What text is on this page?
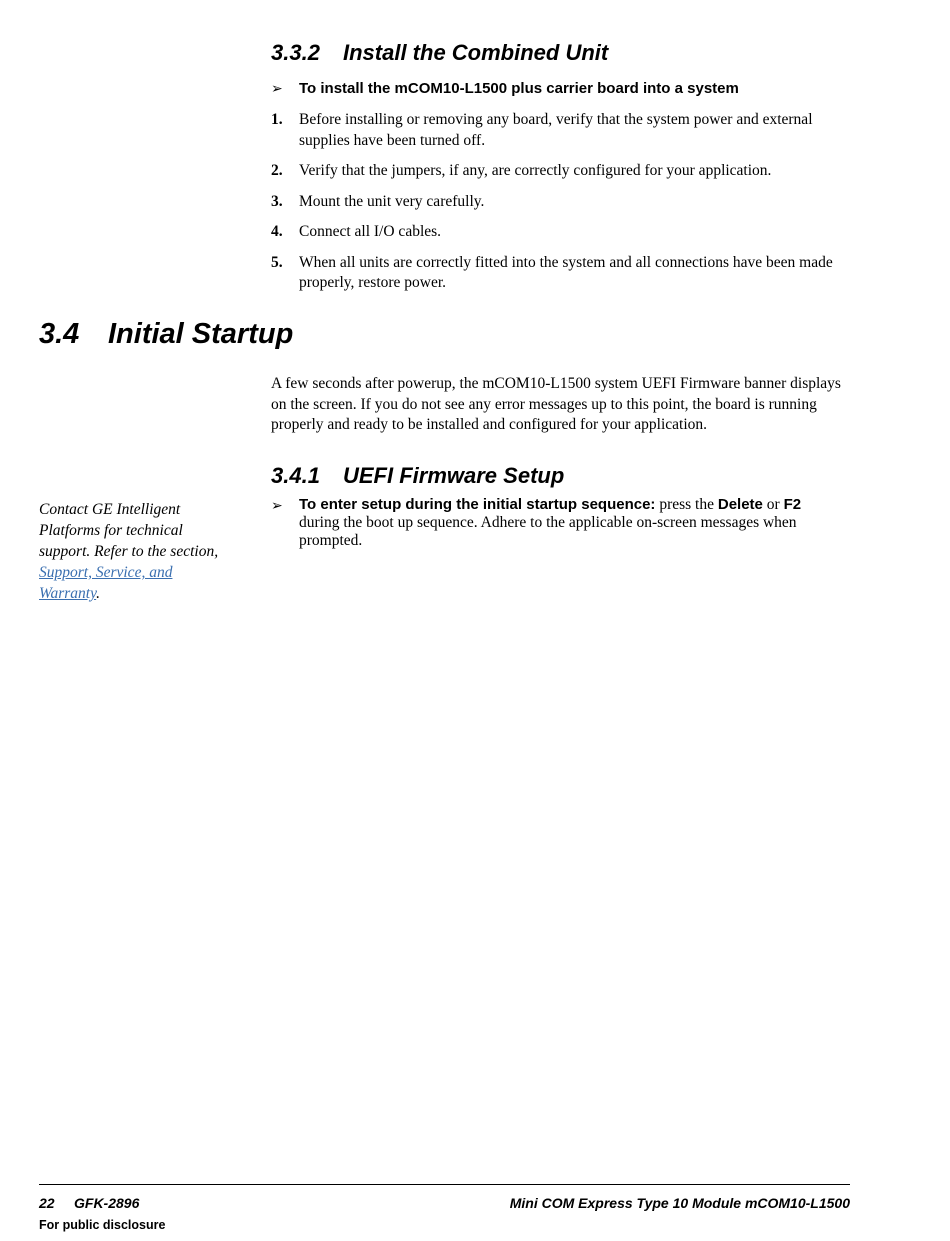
3.3.2 Install the Combined Unit
➢ To install the mCOM10-L1500 plus carrier board into a system
1. Before installing or removing any board, verify that the system power and external supplies have been turned off.
2. Verify that the jumpers, if any, are correctly configured for your application.
3. Mount the unit very carefully.
4. Connect all I/O cables.
5. When all units are correctly fitted into the system and all connections have been made properly, restore power.
3.4 Initial Startup

A few seconds after powerup, the mCOM10-L1500 system UEFI Firmware banner displays on the screen. If you do not see any error messages up to this point, the board is running properly and ready to be installed and configured for your application.

3.4.1 UEFI Firmware Setup
➢ To enter setup during the initial startup sequence: press the Delete or F2 during the boot up sequence. Adhere to the applicable on-screen messages when prompted.

Contact GE Intelligent Platforms for technical support. Refer to the section, Support, Service, and Warranty.

22 GFK-2896	Mini COM Express Type 10 Module mCOM10-L1500
For public disclosure
